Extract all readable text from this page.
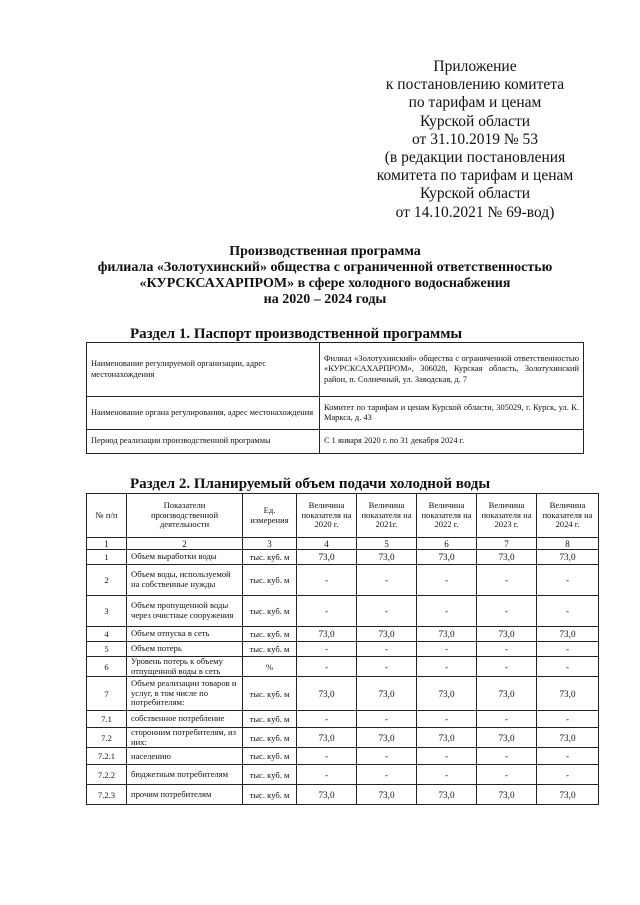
Приложение
к постановлению комитета
по тарифам и ценам
Курской области
от 31.10.2019 № 53
(в редакции постановления
комитета по тарифам и ценам
Курской области
от 14.10.2021 № 69-вод)
Производственная программа
филиала «Золотухинский» общества с ограниченной ответственностью
«КУРСКСАХАРПРОМ» в сфере холодного водоснабжения
на 2020 – 2024 годы
Раздел 1. Паспорт производственной программы
Наименование регулируемой организации, адрес местонахождения	Филиал «Золотухинский» общества с ограниченной ответственностью «КУРСКСАХАРПРОМ», 306028, Курская область, Золотухинский район, п. Солнечный, ул. Заводская, д. 7
Наименование органа регулирования, адрес местонахождения	Комитет по тарифам и ценам Курской области, 305029, г. Курск, ул. К. Маркса, д. 43
Период реализации производственной программы	С 1 января 2020 г. по 31 декабря 2024 г.
Раздел 2. Планируемый объем подачи холодной воды
№ п/п	Показатели производственной деятельности	Ед. измерения	Величина показателя на 2020 г.	Величина показателя на 2021г.	Величина показателя на 2022 г.	Величина показателя на 2023 г.	Величина показателя на 2024 г.
1	2	3	4	5	6	7	8
1	Объем выработки воды	тыс. куб. м	73,0	73,0	73,0	73,0	73,0
2	Объем воды, используемой на собственные нужды	тыс. куб. м	-	-	-	-	-
3	Объем пропущенной воды через очистные сооружения	тыс. куб. м	-	-	-	-	-
4	Объем отпуска в сеть	тыс. куб. м	73,0	73,0	73,0	73,0	73,0
5	Объем потерь	тыс. куб. м	-	-	-	-	-
6	Уровень потерь к объему отпущенной воды в сеть	%	-	-	-	-	-
7	Объем реализации товаров и услуг, в том числе по потребителям:	тыс. куб. м	73,0	73,0	73,0	73,0	73,0
7.1	собственное потребление	тыс. куб. м	-	-	-	-	-
7.2	сторонним потребителям, из них:	тыс. куб. м	73,0	73,0	73,0	73,0	73,0
7.2.1	населению	тыс. куб. м	-	-	-	-	-
7.2.2	бюджетным потребителям	тыс. куб. м	-	-	-	-	-
7.2.3	прочим потребителям	тыс. куб. м	73,0	73,0	73,0	73,0	73,0
